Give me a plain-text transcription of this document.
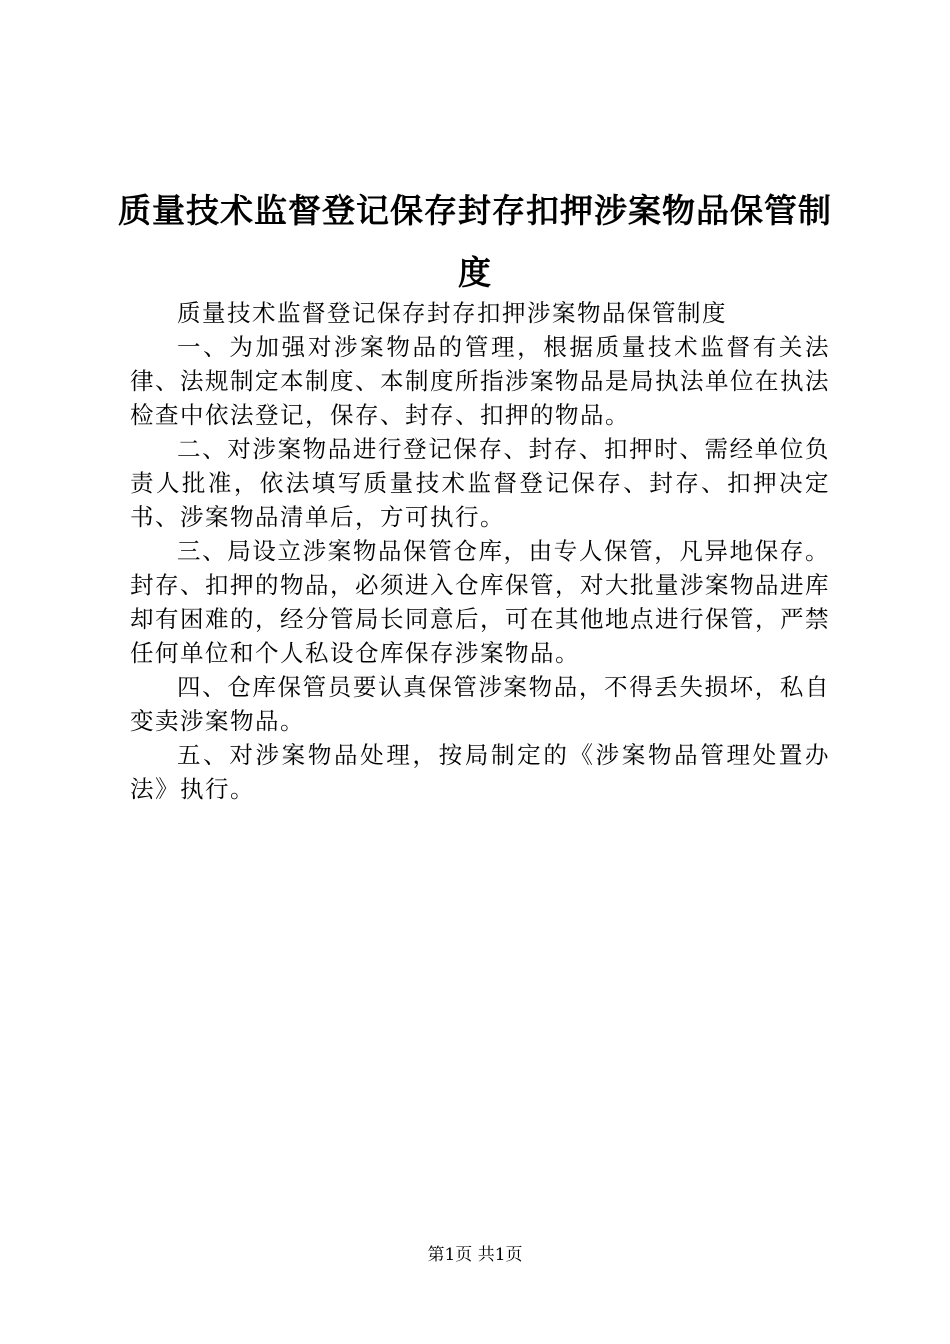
质量技术监督登记保存封存扣押涉案物品保管制度

质量技术监督登记保存封存扣押涉案物品保管制度

一、为加强对涉案物品的管理，根据质量技术监督有关法律、法规制定本制度、本制度所指涉案物品是局执法单位在执法检查中依法登记，保存、封存、扣押的物品。

二、对涉案物品进行登记保存、封存、扣押时、需经单位负责人批准，依法填写质量技术监督登记保存、封存、扣押决定书、涉案物品清单后，方可执行。

三、局设立涉案物品保管仓库，由专人保管，凡异地保存。封存、扣押的物品，必须进入仓库保管，对大批量涉案物品进库却有困难的，经分管局长同意后，可在其他地点进行保管，严禁任何单位和个人私设仓库保存涉案物品。

四、仓库保管员要认真保管涉案物品，不得丢失损坏，私自变卖涉案物品。

五、对涉案物品处理，按局制定的《涉案物品管理处置办法》执行。

第1页 共1页
